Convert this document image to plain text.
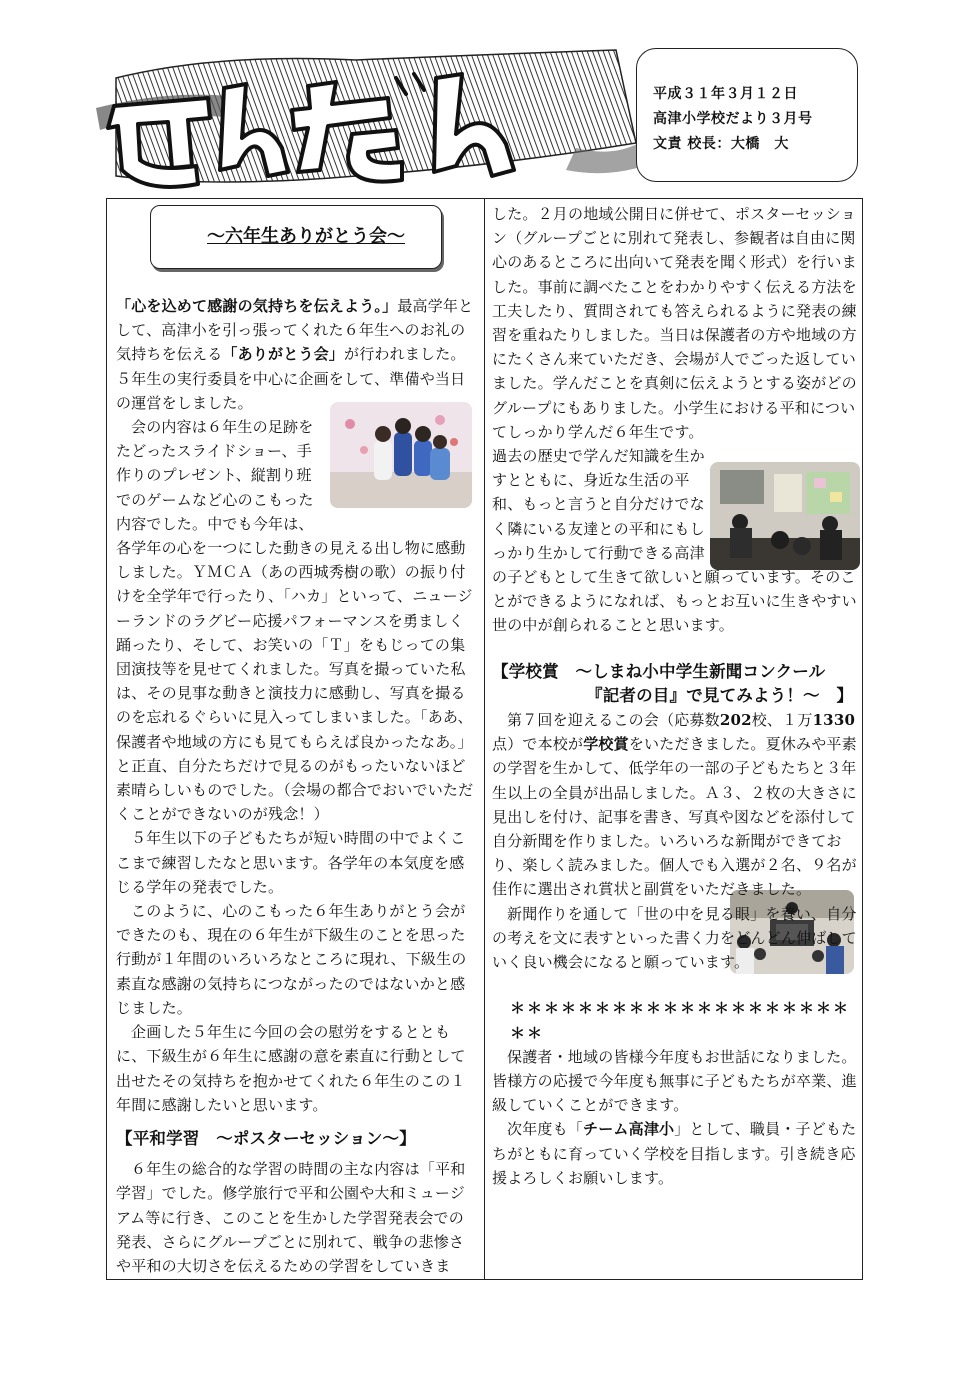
平成３１年３月１２日
高津小学校だより３月号
文責 校長：大橋　大
～六年生ありがとう会～

「心を込めて感謝の気持ちを伝えよう。」最高学年として、高津小を引っ張ってくれた６年生へのお礼の気持ちを伝える「ありがとう会」が行われました。５年生の実行委員を中心に企画をして、準備や当日の運営をしました。

会の内容は６年生の足跡をたどったスライドショー、手作りのプレゼント、縦割り班でのゲームなど心のこもった内容でした。中でも今年は、各学年の心を一つにした動きの見える出し物に感動しました。ＹＭＣＡ（あの西城秀樹の歌）の振り付けを全学年で行ったり、「ハカ」といって、ニュージーランドのラグビー応援パフォーマンスを勇ましく踊ったり、そして、お笑いの「Ｔ」をもじっての集団演技等を見せてくれました。写真を撮っていた私は、その見事な動きと演技力に感動し、写真を撮るのを忘れるぐらいに見入ってしまいました。「ああ、保護者や地域の方にも見てもらえば良かったなあ。」と正直、自分たちだけで見るのがもったいないほど素晴らしいものでした。（会場の都合でおいでいただくことができないのが残念！）

５年生以下の子どもたちが短い時間の中でよくここまで練習したなと思います。各学年の本気度を感じる学年の発表でした。

このように、心のこもった６年生ありがとう会ができたのも、現在の６年生が下級生のことを思った行動が１年間のいろいろなところに現れ、下級生の素直な感謝の気持ちにつながったのではないかと感じました。

企画した５年生に今回の会の慰労をするとともに、下級生が６年生に感謝の意を素直に行動として出せたその気持ちを抱かせてくれた６年生のこの１年間に感謝したいと思います。

【平和学習　～ポスターセッション～】

６年生の総合的な学習の時間の主な内容は「平和学習」でした。修学旅行で平和公園や大和ミュージアム等に行き、このことを生かした学習発表会での発表、さらにグループごとに別れて、戦争の悲惨さや平和の大切さを伝えるための学習をしていきま

した。２月の地域公開日に併せて、ポスターセッション（グループごとに別れて発表し、参観者は自由に関心のあるところに出向いて発表を聞く形式）を行いました。事前に調べたことをわかりやすく伝える方法を工夫したり、質問されても答えられるように発表の練習を重ねたりしました。当日は保護者の方や地域の方にたくさん来ていただき、会場が人でごった返していました。学んだことを真剣に伝えようとする姿がどのグループにもありました。小学生における平和についてしっかり学んだ６年生です。

過去の歴史で学んだ知識を生かすとともに、身近な生活の平和、もっと言うと自分だけでなく隣にいる友達との平和にもしっかり生かして行動できる高津の子どもとして生きて欲しいと願っています。そのことができるようになれば、もっとお互いに生きやすい世の中が創られることと思います。

【学校賞　～しまね小中学生新聞コンクール

『記者の目』で見てみよう！～　】

第７回を迎えるこの会（応募数202校、１万1330点）で本校が学校賞をいただきました。夏休みや平素の学習を生かして、低学年の一部の子どもたちと３年生以上の全員が出品しました。Ａ３、２枚の大きさに見出しを付け、記事を書き、写真や図などを添付して自分新聞を作りました。いろいろな新聞ができており、楽しく読みました。個人でも入選が２名、９名が佳作に選出され賞状と副賞をいただきました。

新聞作りを通して「世の中を見る眼」を養い、自分の考えを文に表すといった書く力をどんどん伸ばしていく良い機会になると願っています。

＊＊＊＊＊＊＊＊＊＊＊＊＊＊＊＊＊＊＊＊＊＊

保護者・地域の皆様今年度もお世話になりました。皆様方の応援で今年度も無事に子どもたちが卒業、進級していくことができます。

次年度も「チーム高津小」として、職員・子どもたちがともに育っていく学校を目指します。引き続き応援よろしくお願いします。
